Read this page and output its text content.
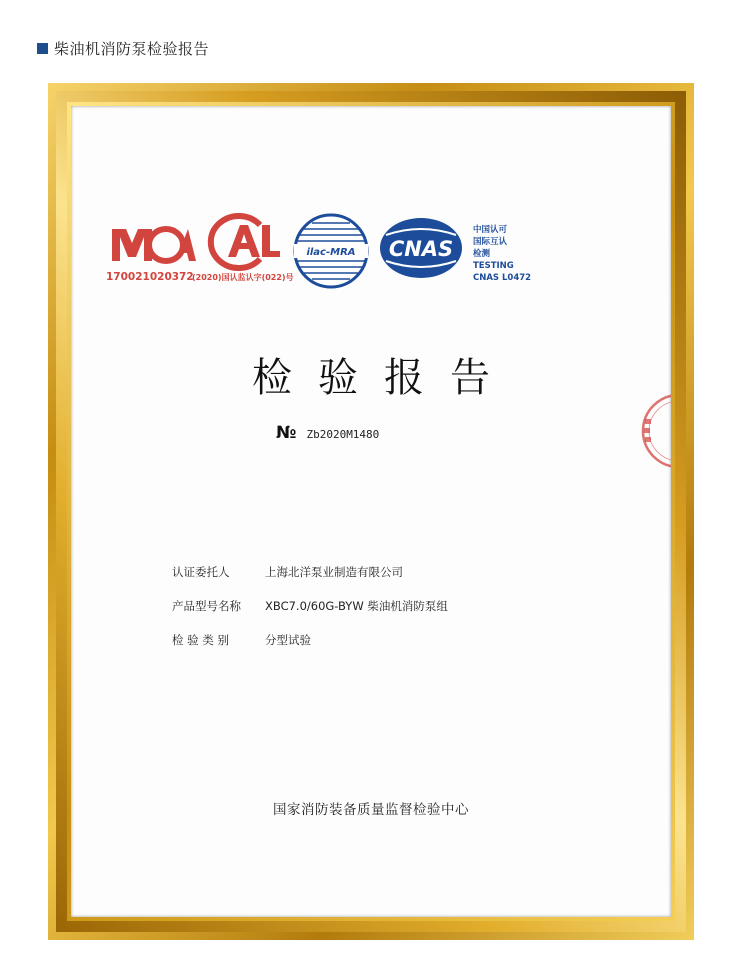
柴油机消防泵检验报告
170021020372
(2020)国认监认字(022)号
ilac-MRA CNAS
中国认可
国际互认
检测
TESTING
CNAS L0472
检验报告
№ Zb2020M1480
认证委托人	上海北洋泵业制造有限公司
产品型号名称	XBC7.0/60G-BYW 柴油机消防泵组
检 验 类 别	分型试验
国家消防装备质量监督检验中心
